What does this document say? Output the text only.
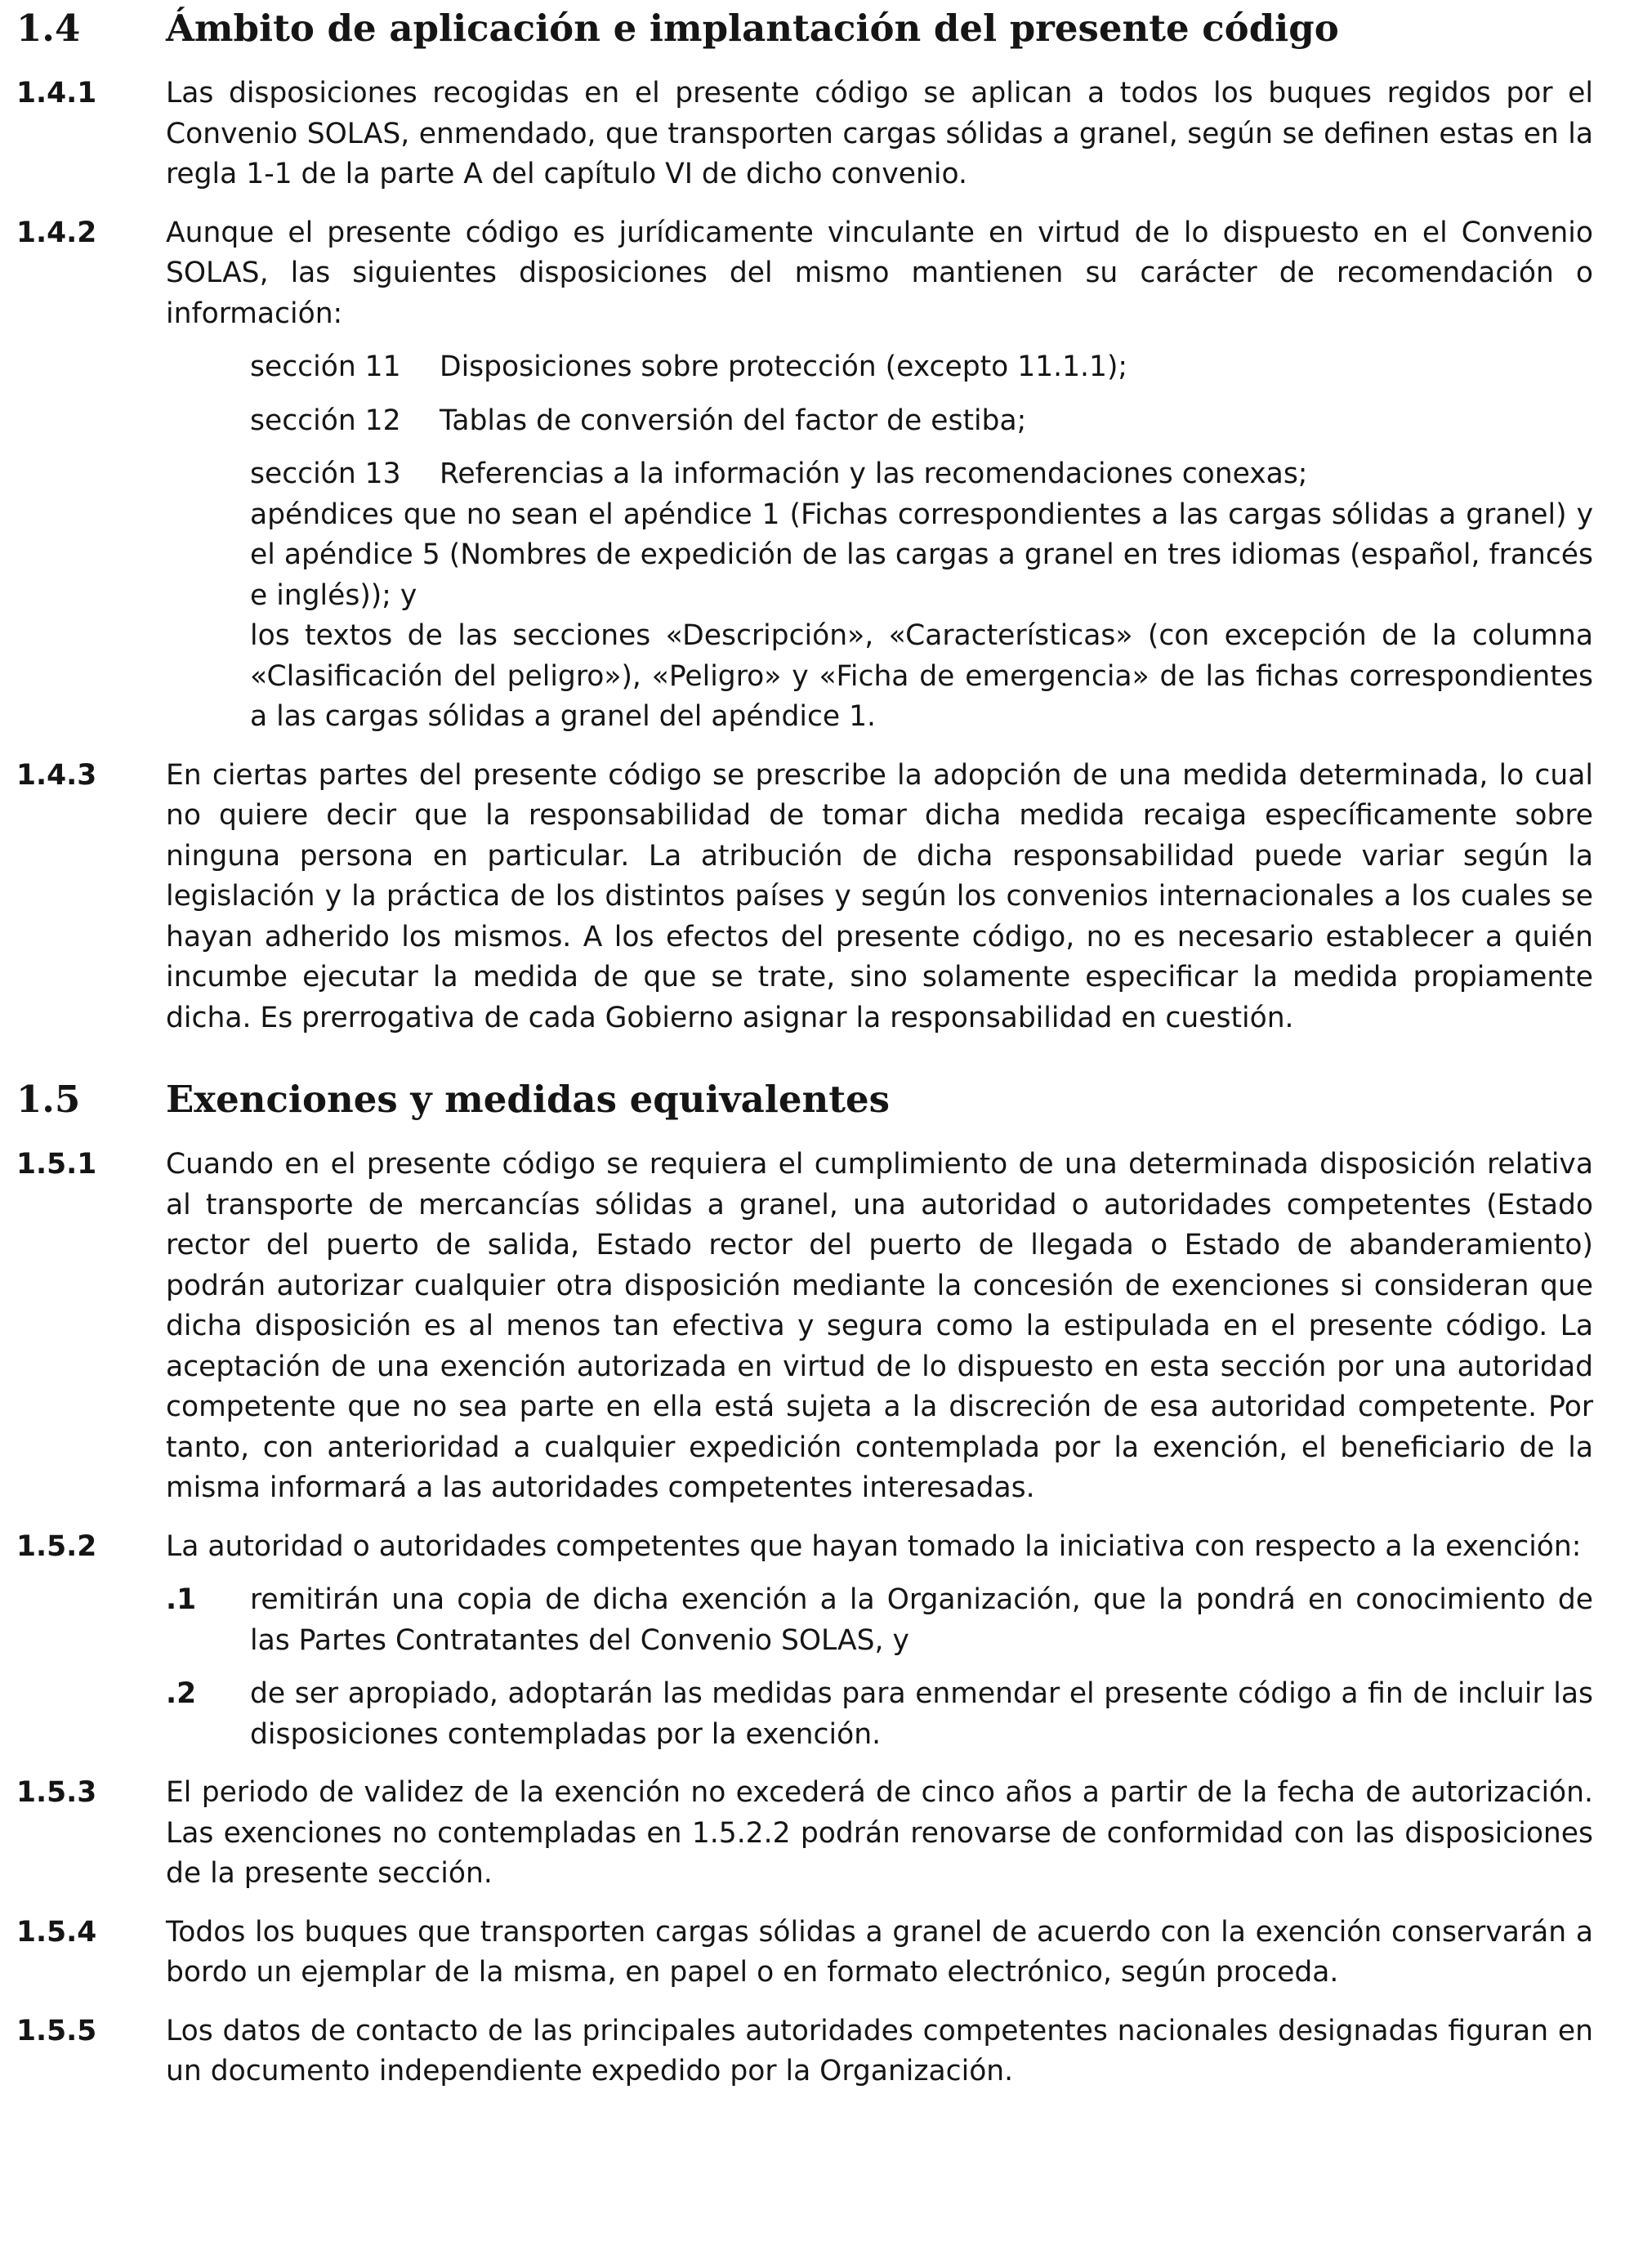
1.4	Ámbito de aplicación e implantación del presente código
1.4.1	Las disposiciones recogidas en el presente código se aplican a todos los buques regidos por el Convenio SOLAS, enmendado, que transporten cargas sólidas a granel, según se definen estas en la regla 1-1 de la parte A del capítulo VI de dicho convenio.

1.4.2	Aunque el presente código es jurídicamente vinculante en virtud de lo dispuesto en el Convenio SOLAS, las siguientes disposiciones del mismo mantienen su carácter de recomendación o información:

sección 11	Disposiciones sobre protección (excepto 11.1.1);
sección 12	Tablas de conversión del factor de estiba;
sección 13	Referencias a la información y las recomendaciones conexas;

apéndices que no sean el apéndice 1 (Fichas correspondientes a las cargas sólidas a granel) y el apéndice 5 (Nombres de expedición de las cargas a granel en tres idiomas (español, francés e inglés)); y

los textos de las secciones «Descripción», «Características» (con excepción de la columna «Clasificación del peligro»), «Peligro» y «Ficha de emergencia» de las fichas correspondientes a las cargas sólidas a granel del apéndice 1.

1.4.3	En ciertas partes del presente código se prescribe la adopción de una medida determinada, lo cual no quiere decir que la responsabilidad de tomar dicha medida recaiga específicamente sobre ninguna persona en particular. La atribución de dicha responsabilidad puede variar según la legislación y la práctica de los distintos países y según los convenios internacionales a los cuales se hayan adherido los mismos. A los efectos del presente código, no es necesario establecer a quién incumbe ejecutar la medida de que se trate, sino solamente especificar la medida propiamente dicha. Es prerrogativa de cada Gobierno asignar la responsabilidad en cuestión.

1.5	Exenciones y medidas equivalentes
1.5.1	Cuando en el presente código se requiera el cumplimiento de una determinada disposición relativa al transporte de mercancías sólidas a granel, una autoridad o autoridades competentes (Estado rector del puerto de salida, Estado rector del puerto de llegada o Estado de abanderamiento) podrán autorizar cualquier otra disposición mediante la concesión de exenciones si consideran que dicha disposición es al menos tan efectiva y segura como la estipulada en el presente código. La aceptación de una exención autorizada en virtud de lo dispuesto en esta sección por una autoridad competente que no sea parte en ella está sujeta a la discreción de esa autoridad competente. Por tanto, con anterioridad a cualquier expedición contemplada por la exención, el beneficiario de la misma informará a las autoridades competentes interesadas.

1.5.2	La autoridad o autoridades competentes que hayan tomado la iniciativa con respecto a la exención:

.1	remitirán una copia de dicha exención a la Organización, que la pondrá en conocimiento de las Partes Contratantes del Convenio SOLAS, y
.2	de ser apropiado, adoptarán las medidas para enmendar el presente código a fin de incluir las disposiciones contempladas por la exención.
1.5.3	El periodo de validez de la exención no excederá de cinco años a partir de la fecha de autorización. Las exenciones no contempladas en 1.5.2.2 podrán renovarse de conformidad con las disposiciones de la presente sección.

1.5.4	Todos los buques que transporten cargas sólidas a granel de acuerdo con la exención conservarán a bordo un ejemplar de la misma, en papel o en formato electrónico, según proceda.

1.5.5	Los datos de contacto de las principales autoridades competentes nacionales designadas figuran en un documento independiente expedido por la Organización.
